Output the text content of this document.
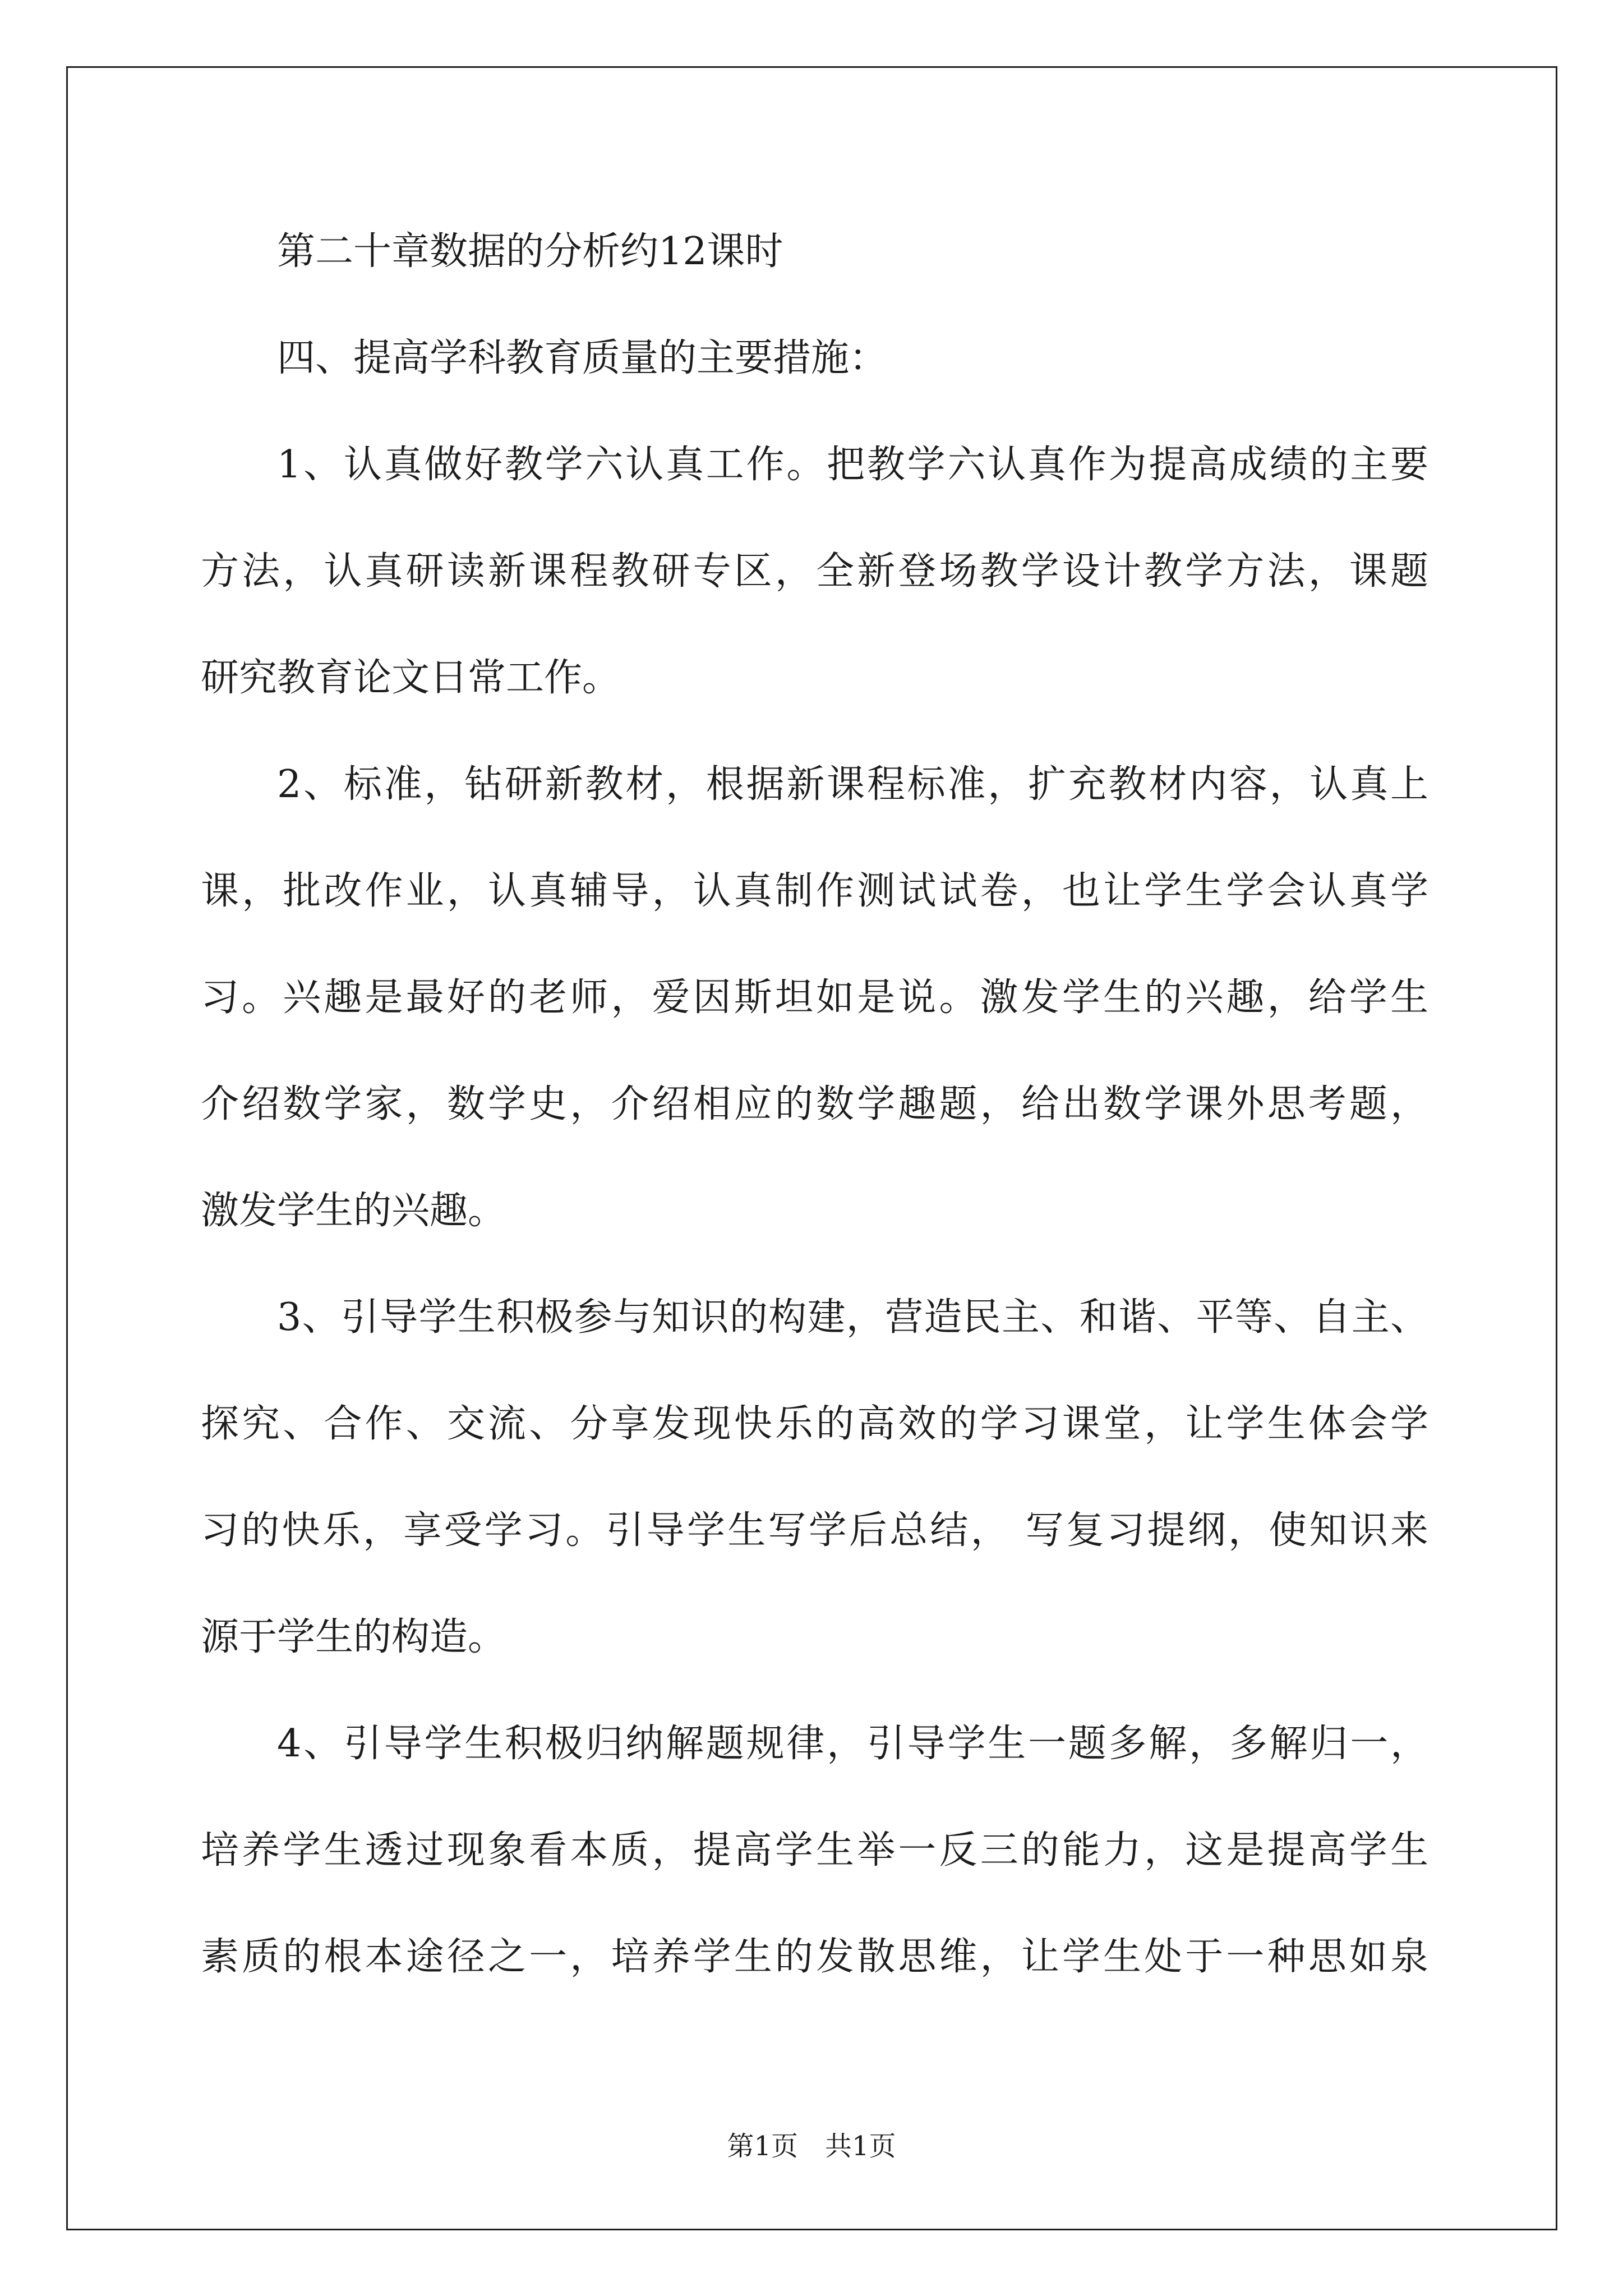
第二十章数据的分析约12课时
四、提高学科教育质量的主要措施：
1、认真做好教学六认真工作。把教学六认真作为提高成绩的主要
方法，认真研读新课程教研专区，全新登场教学设计教学方法，课题
研究教育论文日常工作。
2、标准，钻研新教材，根据新课程标准，扩充教材内容，认真上
课，批改作业，认真辅导，认真制作测试试卷，也让学生学会认真学
习。兴趣是最好的老师，爱因斯坦如是说。激发学生的兴趣，给学生
介绍数学家，数学史，介绍相应的数学趣题，给出数学课外思考题，
激发学生的兴趣。
3、引导学生积极参与知识的构建，营造民主、和谐、平等、自主、
探究、合作、交流、分享发现快乐的高效的学习课堂，让学生体会学
习的快乐，享受学习。引导学生写学后总结， 写复习提纲，使知识来
源于学生的构造。
4、引导学生积极归纳解题规律，引导学生一题多解，多解归一，
培养学生透过现象看本质，提高学生举一反三的能力，这是提高学生
素质的根本途径之一，培养学生的发散思维，让学生处于一种思如泉
第1页 共1页
